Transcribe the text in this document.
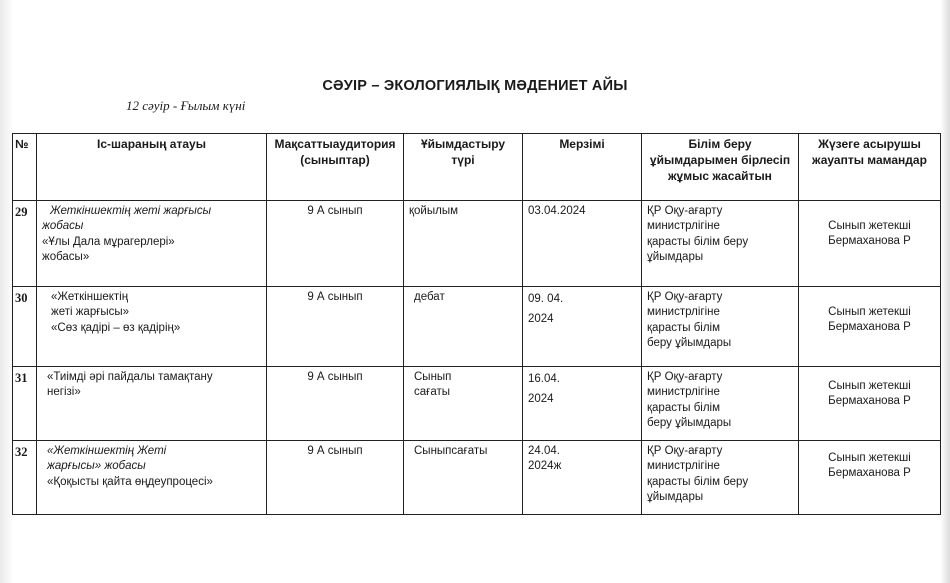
СӘУІР – ЭКОЛОГИЯЛЫҚ МӘДЕНИЕТ АЙЫ
12 сәуір - Ғылым күні
№	Іс-шараның атауы	Мақсаттыаудитория (сыныптар)	Ұйымдастыру түрі	Мерзімі	Білім беру ұйымдарымен бірлесіп жұмыс жасайтын	Жүзеге асырушы жауапты мамандар
29	Жеткіншектің жеті жарғысы
жобасы
«Ұлы Дала мұрагерлері»
жобасы»	9 А сынып	қойылым	03.04.2024	ҚР Оқу-ағарту
министрлігіне
қарасты білім беру
ұйымдары	Сынып жетекші
Бермаханова Р

30	«Жеткіншектің
жеті жарғысы»
«Сөз қадірі – өз қадірің»	9 А сынып	дебат	09. 04.
2024	ҚР Оқу-ағарту
министрлігіне
қарасты білім
беру ұйымдары	Сынып жетекші
Бермаханова Р

31	«Тиімді әрі пайдалы тамақтану
негізі»	9 А сынып	Сынып
сағаты	16.04.
2024	ҚР Оқу-ағарту
министрлігіне
қарасты білім
беру ұйымдары	Сынып жетекші
Бермаханова Р

32	«Жеткіншектің Жеті
жарғысы» жобасы
«Қоқысты қайта өңдеупроцесі»	9 А сынып	Сыныпсағаты	24.04.
2024ж	ҚР Оқу-ағарту
министрлігіне
қарасты білім беру
ұйымдары	Сынып жетекші
Бермаханова Р
